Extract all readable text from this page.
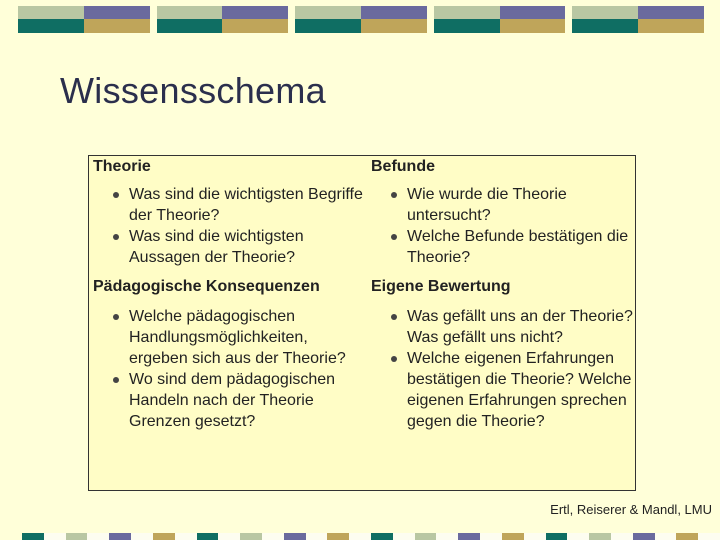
Wissensschema
Theorie
Was sind die wichtigsten Begriffe der Theorie?
Was sind die wichtigsten Aussagen der Theorie?
Pädagogische Konsequenzen
Welche pädagogischen Handlungsmöglichkeiten, ergeben sich aus der Theorie?
Wo sind dem pädagogischen Handeln nach der Theorie Grenzen gesetzt?
Befunde
Wie wurde die Theorie untersucht?
Welche Befunde bestätigen die Theorie?
Eigene Bewertung
Was gefällt uns an der Theorie? Was gefällt uns nicht?
Welche eigenen Erfahrungen bestätigen die Theorie? Welche eigenen Erfahrungen sprechen gegen die Theorie?
Ertl, Reiserer & Mandl, LMU
